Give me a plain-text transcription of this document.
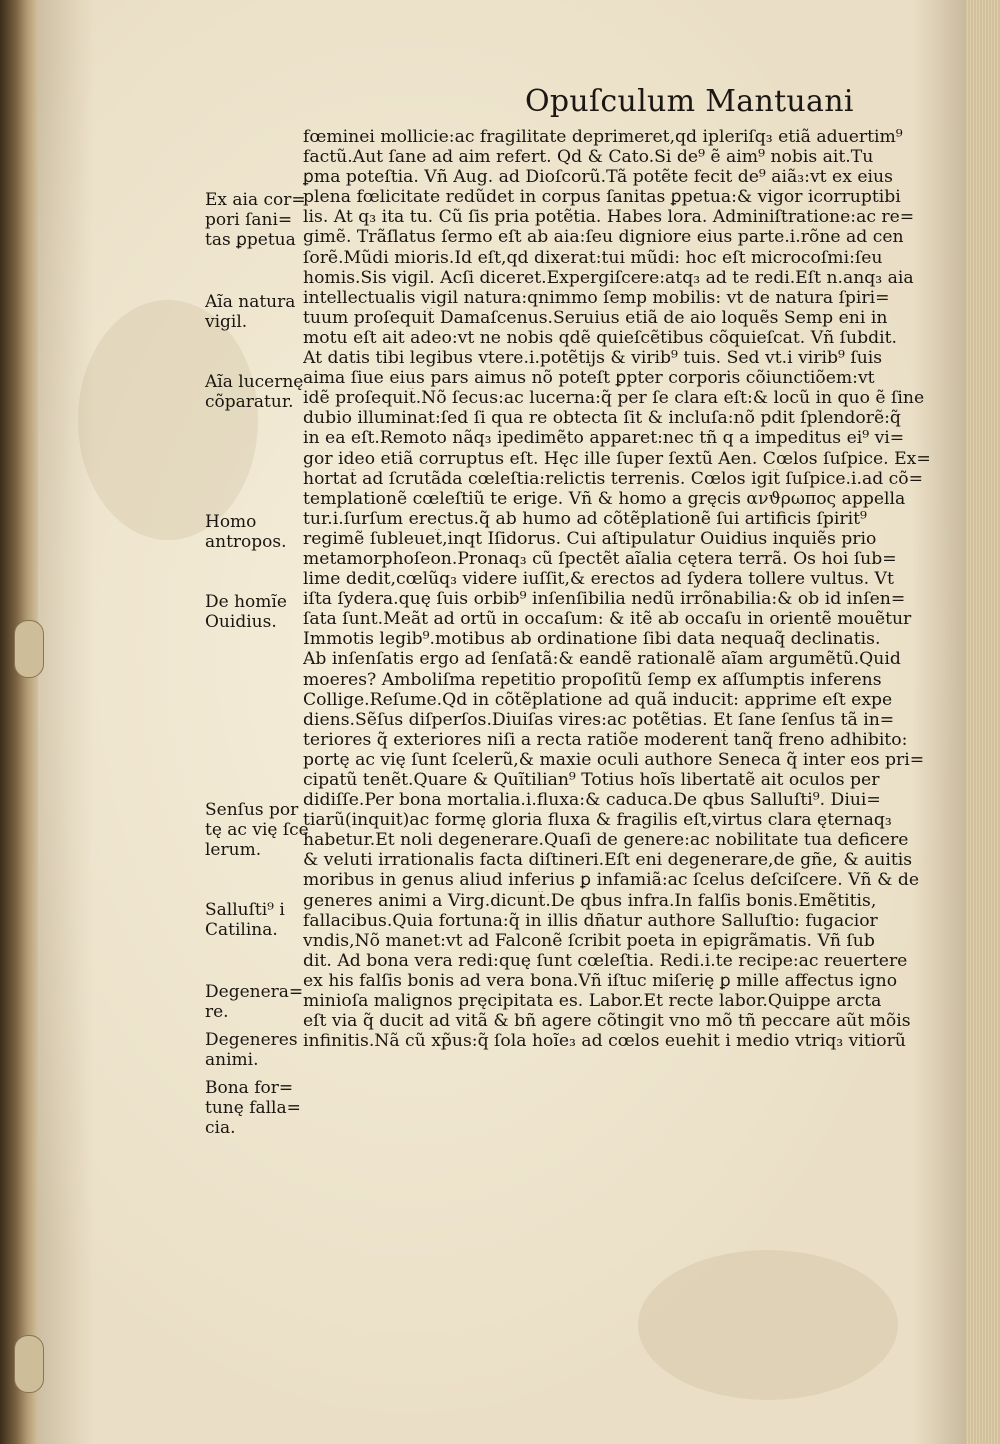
Opuſculum Mantuani
Ex aia cor=
pori ſani=
tas ꝑpetua
Aĩa natura
vigil.
Aĩa lucernę
cõparatur.
Homo
antropos.
De homĩe
Ouidius.
Senſus por
tę ac vię ſce
lerum.
Salluſti⁹ i
Catilina.
Degenera=
re.
Degeneres
animi.
Bona for=
tunę falla=
cia.
fœminei mollicie:ac fragilitate deprimeret,qd ipleriſq₃ etiã aduertim⁹
factũ.Aut ſane ad aim refert. Qd & Cato.Si de⁹ ẽ aim⁹ nobis ait.Tu
ꝑma poteſtia. Vñ Aug. ad Dioſcorũ.Tã potẽte fecit de⁹ aiã₃:vt ex eius
plena fœlicitate redũdet in corpus ſanitas ꝑpetua:& vigor icorruptibi
lis. At q₃ ita tu. Cũ ſis pria potẽtia. Habes lora. Adminiſtratione:ac re=
gimẽ. Trãſlatus ſermo eſt ab aia:ſeu digniore eius parte.i.rõne ad cen
ſorẽ.Mũdi mioris.Id eſt,qd dixerat:tui mũdi: hoc eſt microcoſmi:ſeu
homis.Sis vigil. Acſi diceret.Expergiſcere:atq₃ ad te redi.Eſt n.anq₃ aia
intellectualis vigil natura:qnimmo ſemp mobilis: vt de natura ſpiri=
tuum proſequit̃ Damaſcenus.Seruius etiã de aio loquẽs Semp eni in
motu eſt ait adeo:vt ne nobis qdẽ quieſcẽtibus cõquieſcat. Vñ ſubdit.
At datis tibi legibus vtere.i.potẽtijs & virib⁹ tuis. Sed vt.i virib⁹ ſuis
aima ſiue eius pars aimus nõ poteſt ꝑpter corporis cõiunctiõem:vt
idẽ proſequit̃.Nõ ſecus:ac lucerna:q̃ per ſe clara eſt:& locũ in quo ẽ ſine
dubio illuminat:ſed ſi qua re obtecta ſit & incluſa:nõ pdit ſplendorẽ:q̃
in ea eſt.Remoto nãq₃ ipedimẽto apparet:nec tñ q a impeditus ei⁹ vi=
gor ideo etiã corruptus eſt. Hęc ille ſuper ſextũ Aen. Cœlos ſuſpice. Ex=
hortat̃ ad ſcrutãda cœleſtia:relictis terrenis. Cœlos igit̃ ſuſpice.i.ad cõ=
templationẽ cœleſtiũ te erige. Vñ & homo a gręcis ανϑρωπος appella
tur.i.ſurſum erectus.q̃ ab humo ad cõtẽplationẽ ſui artificis ſpirit⁹
regimẽ ſubleuet̃,inqt Iſidorus. Cui aſtipulatur Ouidius inquiẽs prio
metamorphoſeon.Pronaq₃ cũ ſpectẽt aĩalia cętera terrã. Os hoi ſub=
lime dedit,cœlũq₃ videre iuſſit,& erectos ad ſydera tollere vultus. Vt
iſta ſydera.quę ſuis orbib⁹ inſenſibilia nedũ irrõnabilia:& ob id inſen=
ſata ſunt.Meãt ad ortũ in occaſum: & itẽ ab occaſu in orientẽ mouẽtur
Immotis legib⁹.motibus ab ordinatione ſibi data nequaq̃ declinatis.
Ab inſenſatis ergo ad ſenſatã:& eandẽ rationalẽ aĩam argumẽtũ.Quid
moeres? Amboliſma repetitio propoſitũ ſemp ex aſſumptis inferens
Collige.Reſume.Qd in cõtẽplatione ad quã inducit: apprime eſt expe
diens.Sẽſus diſperſos.Diuiſas vires:ac potẽtias. Et ſane ſenſus tã in=
teriores q̃ exteriores niſi a recta ratiõe moderent̃ tanq̃ freno adhibito:
portę ac vię ſunt ſcelerũ,& maxie oculi authore Seneca q̃ inter eos pri=
cipatũ tenẽt.Quare & Quĩtilian⁹ Totius hoĩs libertatẽ ait oculos per
didiſſe.Per bona mortalia.i.fluxa:& caduca.De qbus Salluſti⁹. Diui=
tiarũ(inquit)ac formę gloria fluxa & fragilis eſt,virtus clara ęternaq₃
habetur.Et noli degenerare.Quaſi de genere:ac nobilitate tua deficere
& veluti irrationalis facta diſtineri.Eſt eni degenerare,de gñe, & auitis
moribus in genus aliud inferius ꝑ infamiã:ac ſcelus deſciſcere. Vñ & de
generes animi a Virg.dicunt̃.De qbus infra.In falſis bonis.Emẽtitis,
fallacibus.Quia fortuna:q̃ in illis dñatur authore Salluſtio: fugacior
vndis,Nõ manet:vt ad Falconẽ ſcribit poeta in epigrãmatis. Vñ ſub
dit. Ad bona vera redi:quę ſunt cœleſtia. Redi.i.te recipe:ac reuertere
ex his falſis bonis ad vera bona.Vñ iſtuc miſerię ꝑ mille affectus igno
minioſa malignos pręcipitata es. Labor.Et recte labor.Quippe arcta
eſt via q̃ ducit ad vitã & bñ agere cõtingit vno mõ tñ peccare aũt mõis
infinitis.Nã cũ xp̃us:q̃ ſola hoĩe₃ ad cœlos euehit i medio vtriq₃ vitiorũ
